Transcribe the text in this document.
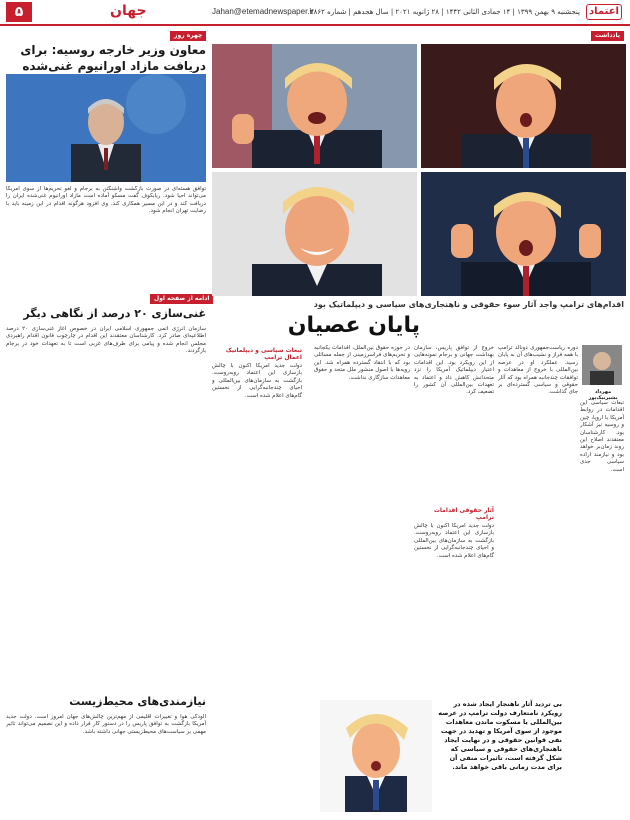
۵	جهان	Jahan@etemadnewspaper.ir
پنجشنبه ۹ بهمن ۱۳۹۹ | ۱۴ جمادی الثانی ۱۴۴۲ | ۲۸ ژانویه ۲۰۲۱ | سال هجدهم | شماره ۴۸۶۲ اعتماد
چهره روز
معاون وزیر خارجه روسیه: برای دریافت مازاد اورانیوم غنی‌شده
توافق هسته‌ای در صورت بازگشت واشنگتن به برجام و لغو تحریم‌ها از سوی آمریکا می‌تواند احیا شود. ریابکوف گفت مسکو آماده است مازاد اورانیوم غنی‌شده ایران را دریافت کند و در این مسیر همکاری کند. وی افزود هرگونه اقدام در این زمینه باید با رضایت تهران انجام شود.
ادامه از صفحه اول
غنی‌سازی ۲۰ درصد از نگاهی دیگر
سازمان انرژی اتمی جمهوری اسلامی ایران در خصوص آغاز غنی‌سازی ۲۰ درصد اطلاعیه‌ای صادر کرد. کارشناسان معتقدند این اقدام در چارچوب قانون اقدام راهبردی مجلس انجام شده و پیامی برای طرف‌های غربی است تا به تعهدات خود در برجام بازگردند.
نیازمندی‌های محیط‌زیست
آلودگی هوا و تغییرات اقلیمی از مهم‌ترین چالش‌های جهان امروز است. دولت جدید آمریکا بازگشت به توافق پاریس را در دستور کار قرار داده و این تصمیم می‌تواند تاثیر مهمی بر سیاست‌های محیط‌زیستی جهانی داشته باشد.
یادداشت
اقدام‌های ترامپ واجد آثار سوء حقوقی و ناهنجاری‌های سیاسی و دیپلماتیک بود
پایان عصیان
مهرداد بشیرنیک‌پور
دوره ریاست‌جمهوری دونالد ترامپ با همه فراز و نشیب‌های آن به پایان رسید. عملکرد او در عرصه بین‌المللی با خروج از معاهدات و توافقات چندجانبه همراه بود که آثار حقوقی و سیاسی گسترده‌ای بر جای گذاشت.
تبعات سیاسی این اقدامات در روابط آمریکا با اروپا، چین و روسیه نیز آشکار بود. کارشناسان معتقدند اصلاح این روند زمان‌بر خواهد بود و نیازمند اراده سیاسی جدی است.
خروج از توافق پاریس، سازمان بهداشت جهانی و برجام نمونه‌هایی از این رویکرد بود. این اقدامات اعتبار دیپلماتیک آمریکا را نزد متحدانش کاهش داد و اعتماد به تعهدات بین‌المللی آن کشور را تضعیف کرد.
آثار حقوقی اقدامات ترامپ
دولت جدید آمریکا اکنون با چالش بازسازی این اعتماد روبه‌روست. بازگشت به سازمان‌های بین‌المللی و احیای چندجانبه‌گرایی از نخستین گام‌های اعلام شده است.
در حوزه حقوق بین‌الملل، اقدامات یکجانبه و تحریم‌های فراسرزمینی از جمله مسائلی بود که با انتقاد گسترده همراه شد. این رویه‌ها با اصول منشور ملل متحد و حقوق معاهدات سازگاری نداشت.
تبعات سیاسی و دیپلماتیک اعمال ترامپ
دولت جدید آمریکا اکنون با چالش بازسازی این اعتماد روبه‌روست. بازگشت به سازمان‌های بین‌المللی و احیای چندجانبه‌گرایی از نخستین گام‌های اعلام شده است.
بی تردید آثار ناهنجار ایجاد شده در رویکرد نامتعارف دولت ترامپ در عرصه بین‌المللی یا مسکوت ماندن معاهدات موجود از سوی آمریکا و تهدید در جهت نفی قوانین حقوقی و در نهایت ایجاد ناهنجاری‌های حقوقی و سیاسی که شکل گرفته است، تاثیرات منفی آن برای مدت زمانی باقی خواهد ماند.
